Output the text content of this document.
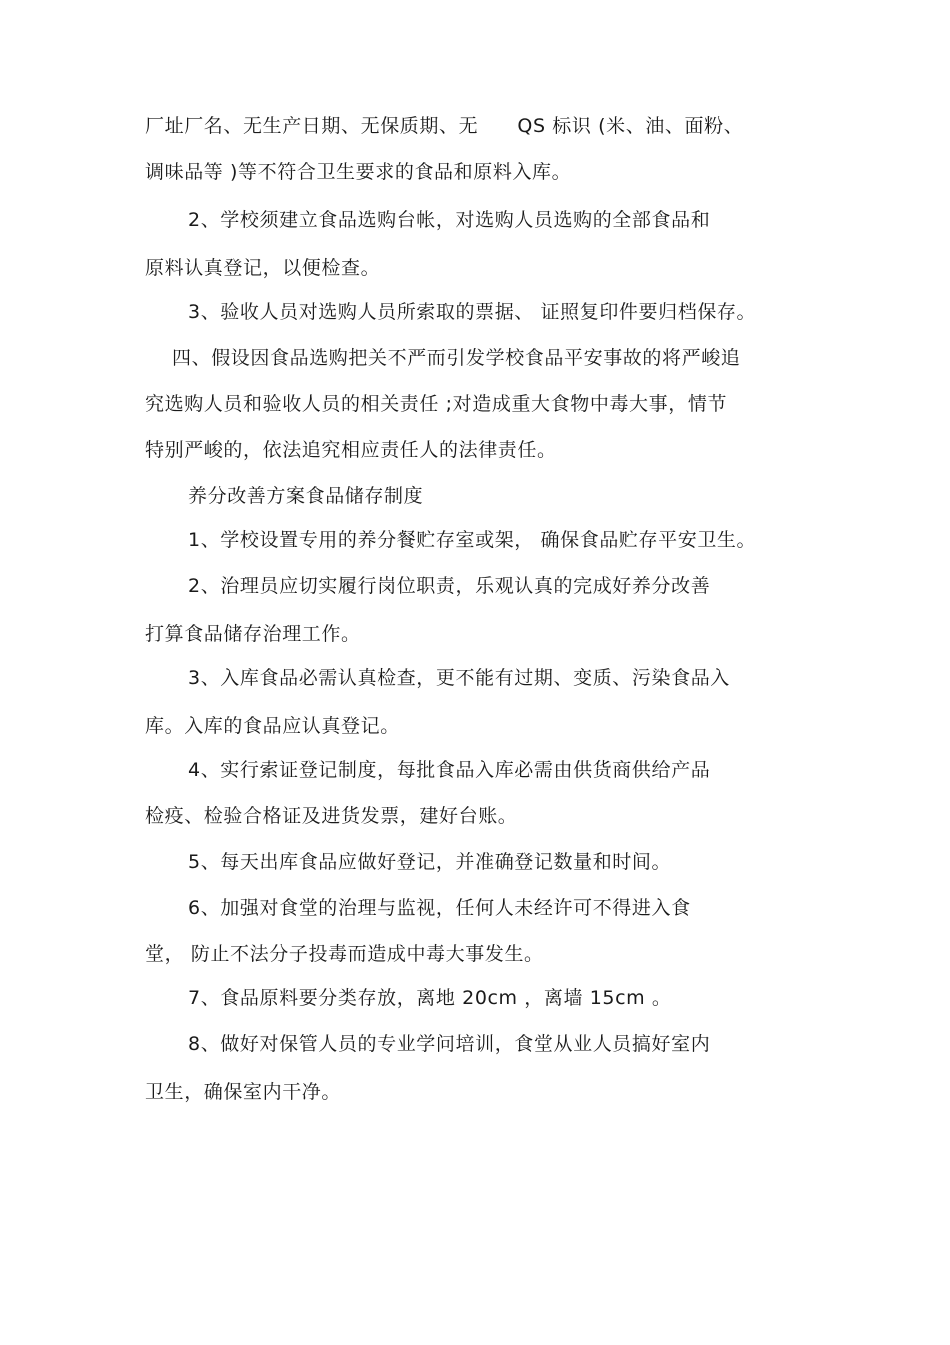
厂址厂名、无生产日期、无保质期、无　　QS 标识 (米、油、面粉、
调味品等 )等不符合卫生要求的食品和原料入库。
2、学校须建立食品选购台帐，对选购人员选购的全部食品和
原料认真登记，以便检查。
3、验收人员对选购人员所索取的票据、 证照复印件要归档保存。
四、假设因食品选购把关不严而引发学校食品平安事故的将严峻追
究选购人员和验收人员的相关责任 ;对造成重大食物中毒大事，情节
特别严峻的，依法追究相应责任人的法律责任。
养分改善方案食品储存制度
1、学校设置专用的养分餐贮存室或架， 确保食品贮存平安卫生。
2、治理员应切实履行岗位职责，乐观认真的完成好养分改善
打算食品储存治理工作。
3、入库食品必需认真检查，更不能有过期、变质、污染食品入
库。入库的食品应认真登记。
4、实行索证登记制度，每批食品入库必需由供货商供给产品
检疫、检验合格证及进货发票，建好台账。
5、每天出库食品应做好登记，并准确登记数量和时间。
6、加强对食堂的治理与监视，任何人未经许可不得进入食
堂， 防止不法分子投毒而造成中毒大事发生。
7、食品原料要分类存放，离地 20cm ，离墙 15cm 。
8、做好对保管人员的专业学问培训，食堂从业人员搞好室内
卫生，确保室内干净。
